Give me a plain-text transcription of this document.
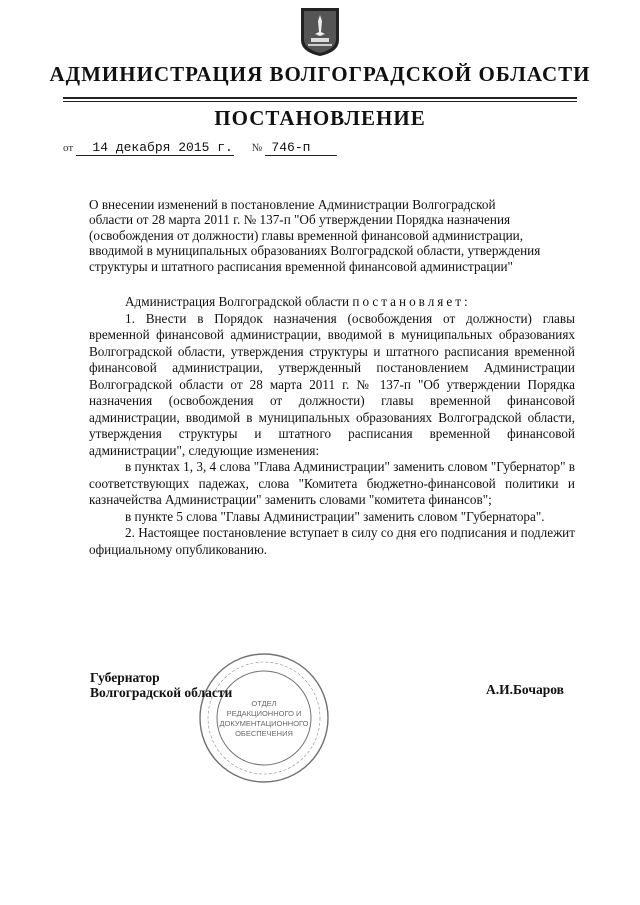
АДМИНИСТРАЦИЯ ВОЛГОГРАДСКОЙ ОБЛАСТИ
ПОСТАНОВЛЕНИЕ
от 14 декабря 2015 г. № 746-п
О внесении изменений в постановление Администрации Волгоградской
области от 28 марта 2011 г. № 137-п "Об утверждении Порядка назначения
(освобождения от должности) главы временной финансовой администрации,
вводимой в муниципальных образованиях Волгоградской области, утверждения
структуры и штатного расписания временной финансовой администрации"

Администрация Волгоградской области постановляет:

1. Внести в Порядок назначения (освобождения от должности) главы временной финансовой администрации, вводимой в муниципальных образованиях Волгоградской области, утверждения структуры и штатного расписания временной финансовой администрации, утвержденный постановлением Администрации Волгоградской области от 28 марта 2011 г. № 137-п "Об утверждении Порядка назначения (освобождения от должности) главы временной финансовой администрации, вводимой в муниципальных образованиях Волгоградской области, утверждения структуры и штатного расписания временной финансовой администрации", следующие изменения:

в пунктах 1, 3, 4 слова "Глава Администрации" заменить словом "Губернатор" в соответствующих падежах, слова "Комитета бюджетно-финансовой политики и казначейства Администрации" заменить словами "комитета финансов";

в пункте 5 слова "Главы Администрации" заменить словом "Губернатора".

2. Настоящее постановление вступает в силу со дня его подписания и подлежит официальному опубликованию.

ОТДЕЛ
РЕДАКЦИОННОГО И
ДОКУМЕНТАЦИОННОГО
ОБЕСПЕЧЕНИЯ
Губернатор
Волгоградской области	А.И.Бочаров
